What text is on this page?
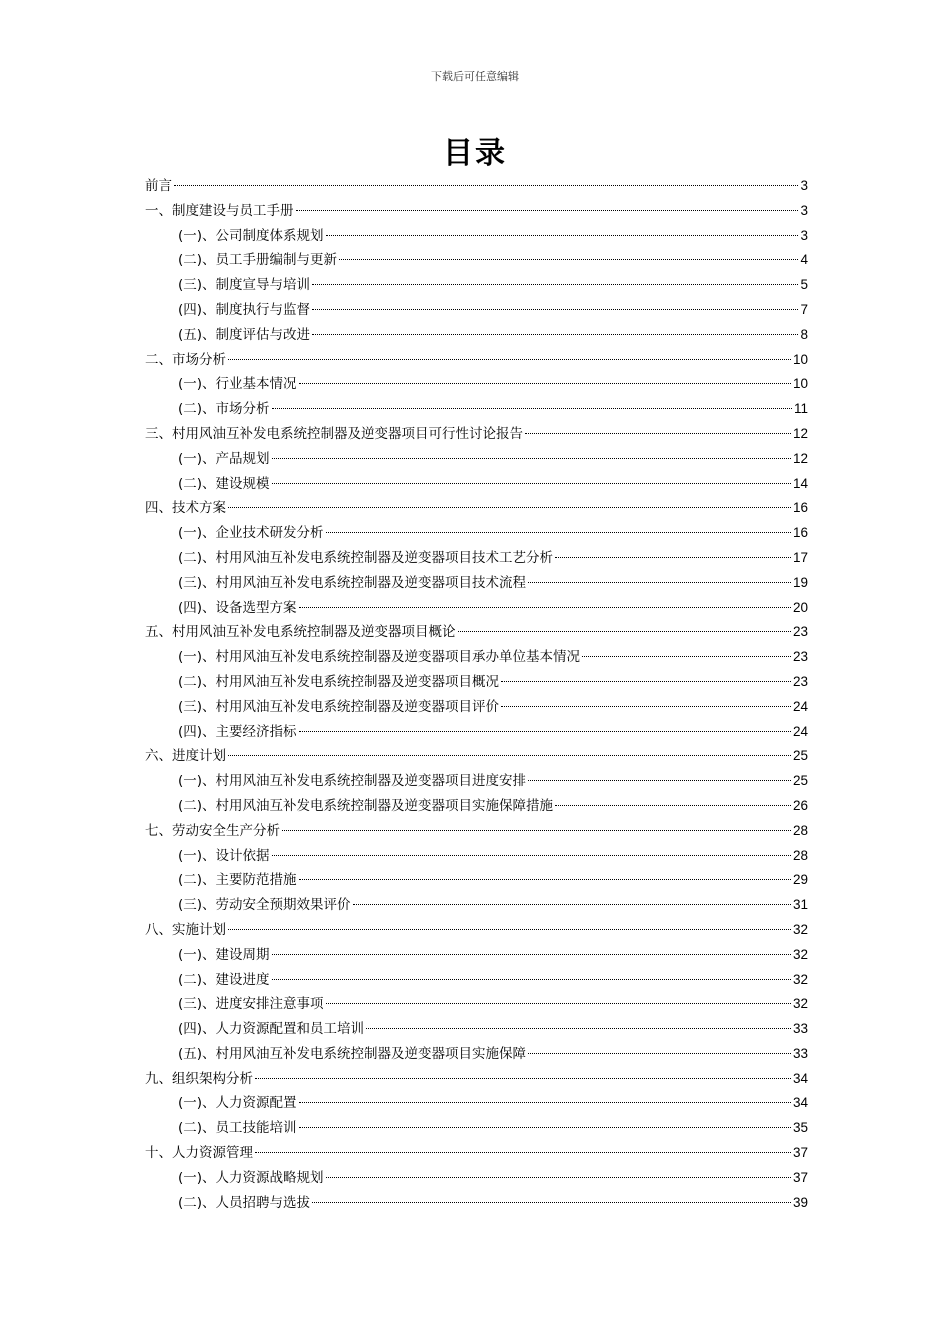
下载后可任意编辑
目录
前言	3
一、制度建设与员工手册	3
(一)、公司制度体系规划	3
(二)、员工手册编制与更新	4
(三)、制度宣导与培训	5
(四)、制度执行与监督	7
(五)、制度评估与改进	8
二、市场分析	10
(一)、行业基本情况	10
(二)、市场分析	11
三、村用风油互补发电系统控制器及逆变器项目可行性讨论报告	12
(一)、产品规划	12
(二)、建设规模	14
四、技术方案	16
(一)、企业技术研发分析	16
(二)、村用风油互补发电系统控制器及逆变器项目技术工艺分析	17
(三)、村用风油互补发电系统控制器及逆变器项目技术流程	19
(四)、设备选型方案	20
五、村用风油互补发电系统控制器及逆变器项目概论	23
(一)、村用风油互补发电系统控制器及逆变器项目承办单位基本情况	23
(二)、村用风油互补发电系统控制器及逆变器项目概况	23
(三)、村用风油互补发电系统控制器及逆变器项目评价	24
(四)、主要经济指标	24
六、进度计划	25
(一)、村用风油互补发电系统控制器及逆变器项目进度安排	25
(二)、村用风油互补发电系统控制器及逆变器项目实施保障措施	26
七、劳动安全生产分析	28
(一)、设计依据	28
(二)、主要防范措施	29
(三)、劳动安全预期效果评价	31
八、实施计划	32
(一)、建设周期	32
(二)、建设进度	32
(三)、进度安排注意事项	32
(四)、人力资源配置和员工培训	33
(五)、村用风油互补发电系统控制器及逆变器项目实施保障	33
九、组织架构分析	34
(一)、人力资源配置	34
(二)、员工技能培训	35
十、人力资源管理	37
(一)、人力资源战略规划	37
(二)、人员招聘与选拔	39
